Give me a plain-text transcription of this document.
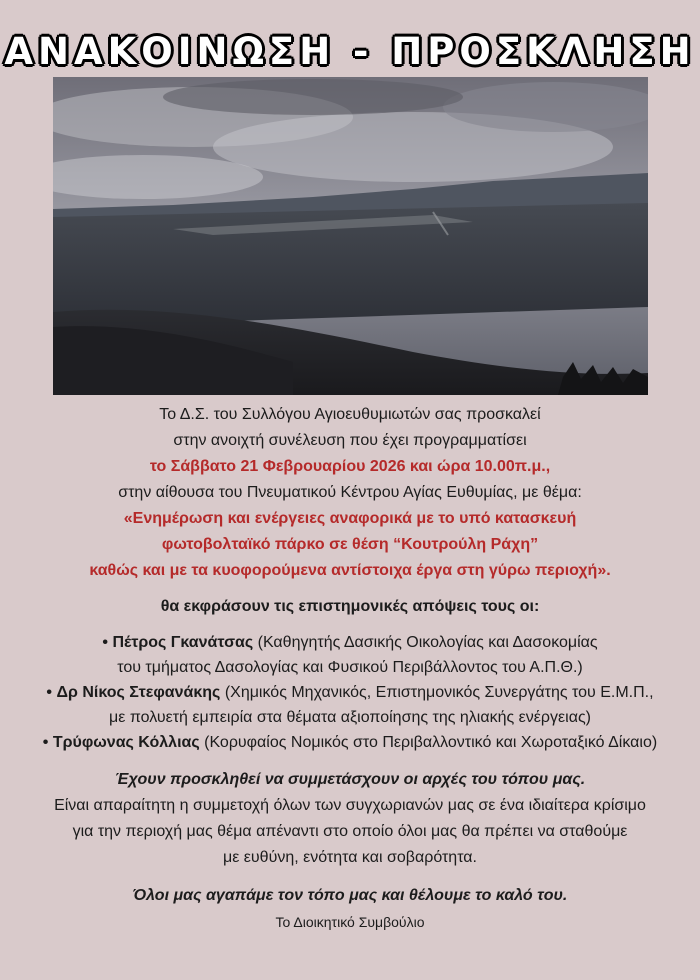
ΑΝΑΚΟΙΝΩΣΗ - ΠΡΟΣΚΛΗΣΗ
Το Δ.Σ. του Συλλόγου Αγιοευθυμιωτών σας προσκαλεί
στην ανοιχτή συνέλευση που έχει προγραμματίσει
το Σάββατο 21 Φεβρουαρίου 2026 και ώρα 10.00π.μ.,
στην αίθουσα του Πνευματικού Κέντρου Αγίας Ευθυμίας, με θέμα:
«Ενημέρωση και ενέργειες αναφορικά με το υπό κατασκευή
φωτοβολταϊκό πάρκο σε θέση “Κουτρούλη Ράχη”
καθώς και με τα κυοφορούμενα αντίστοιχα έργα στη γύρω περιοχή».
θα εκφράσουν τις επιστημονικές απόψεις τους οι:
• Πέτρος Γκανάτσας (Καθηγητής Δασικής Οικολογίας και Δασοκομίας
του τμήματος Δασολογίας και Φυσικού Περιβάλλοντος του Α.Π.Θ.)
• Δρ Νίκος Στεφανάκης (Χημικός Μηχανικός, Επιστημονικός Συνεργάτης του Ε.Μ.Π.,
με πολυετή εμπειρία στα θέματα αξιοποίησης της ηλιακής ενέργειας)
• Τρύφωνας Κόλλιας (Κορυφαίος Νομικός στο Περιβαλλοντικό και Χωροταξικό Δίκαιο)
Έχουν προσκληθεί να συμμετάσχουν οι αρχές του τόπου μας.
Είναι απαραίτητη η συμμετοχή όλων των συγχωριανών μας σε ένα ιδιαίτερα κρίσιμο
για την περιοχή μας θέμα απέναντι στο οποίο όλοι μας θα πρέπει να σταθούμε
με ευθύνη, ενότητα και σοβαρότητα.
Όλοι μας αγαπάμε τον τόπο μας και θέλουμε το καλό του.
Το Διοικητικό Συμβούλιο
